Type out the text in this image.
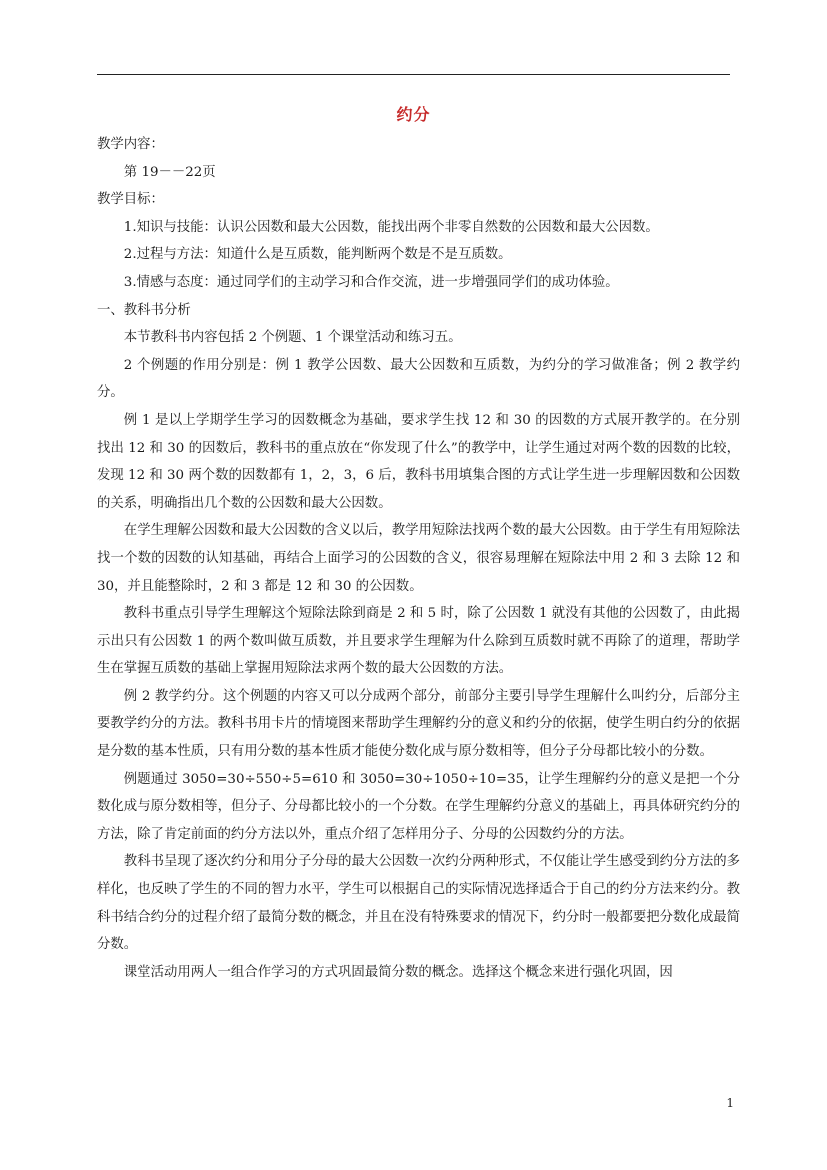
约分

教学内容：

第 19－－22页

教学目标：

1.知识与技能：认识公因数和最大公因数，能找出两个非零自然数的公因数和最大公因数。

2.过程与方法：知道什么是互质数，能判断两个数是不是互质数。

3.情感与态度：通过同学们的主动学习和合作交流，进一步增强同学们的成功体验。

一、教科书分析

本节教科书内容包括 2 个例题、1 个课堂活动和练习五。

2 个例题的作用分别是：例 1 教学公因数、最大公因数和互质数，为约分的学习做准备；例 2 教学约分。

例 1 是以上学期学生学习的因数概念为基础，要求学生找 12 和 30 的因数的方式展开教学的。在分别找出 12 和 30 的因数后，教科书的重点放在“你发现了什么”的教学中，让学生通过对两个数的因数的比较，发现 12 和 30 两个数的因数都有 1，2，3，6 后，教科书用填集合图的方式让学生进一步理解因数和公因数的关系，明确指出几个数的公因数和最大公因数。

在学生理解公因数和最大公因数的含义以后，教学用短除法找两个数的最大公因数。由于学生有用短除法找一个数的因数的认知基础，再结合上面学习的公因数的含义，很容易理解在短除法中用 2 和 3 去除 12 和 30，并且能整除时，2 和 3 都是 12 和 30 的公因数。

教科书重点引导学生理解这个短除法除到商是 2 和 5 时，除了公因数 1 就没有其他的公因数了，由此揭示出只有公因数 1 的两个数叫做互质数，并且要求学生理解为什么除到互质数时就不再除了的道理，帮助学生在掌握互质数的基础上掌握用短除法求两个数的最大公因数的方法。

例 2 教学约分。这个例题的内容又可以分成两个部分，前部分主要引导学生理解什么叫约分，后部分主要教学约分的方法。教科书用卡片的情境图来帮助学生理解约分的意义和约分的依据，使学生明白约分的依据是分数的基本性质，只有用分数的基本性质才能使分数化成与原分数相等，但分子分母都比较小的分数。

例题通过 3050=30÷550÷5=610 和 3050=30÷1050÷10=35，让学生理解约分的意义是把一个分数化成与原分数相等，但分子、分母都比较小的一个分数。在学生理解约分意义的基础上，再具体研究约分的方法，除了肯定前面的约分方法以外，重点介绍了怎样用分子、分母的公因数约分的方法。

教科书呈现了逐次约分和用分子分母的最大公因数一次约分两种形式，不仅能让学生感受到约分方法的多样化，也反映了学生的不同的智力水平，学生可以根据自己的实际情况选择适合于自己的约分方法来约分。教科书结合约分的过程介绍了最简分数的概念，并且在没有特殊要求的情况下，约分时一般都要把分数化成最简分数。

课堂活动用两人一组合作学习的方式巩固最简分数的概念。选择这个概念来进行强化巩固，因

1
